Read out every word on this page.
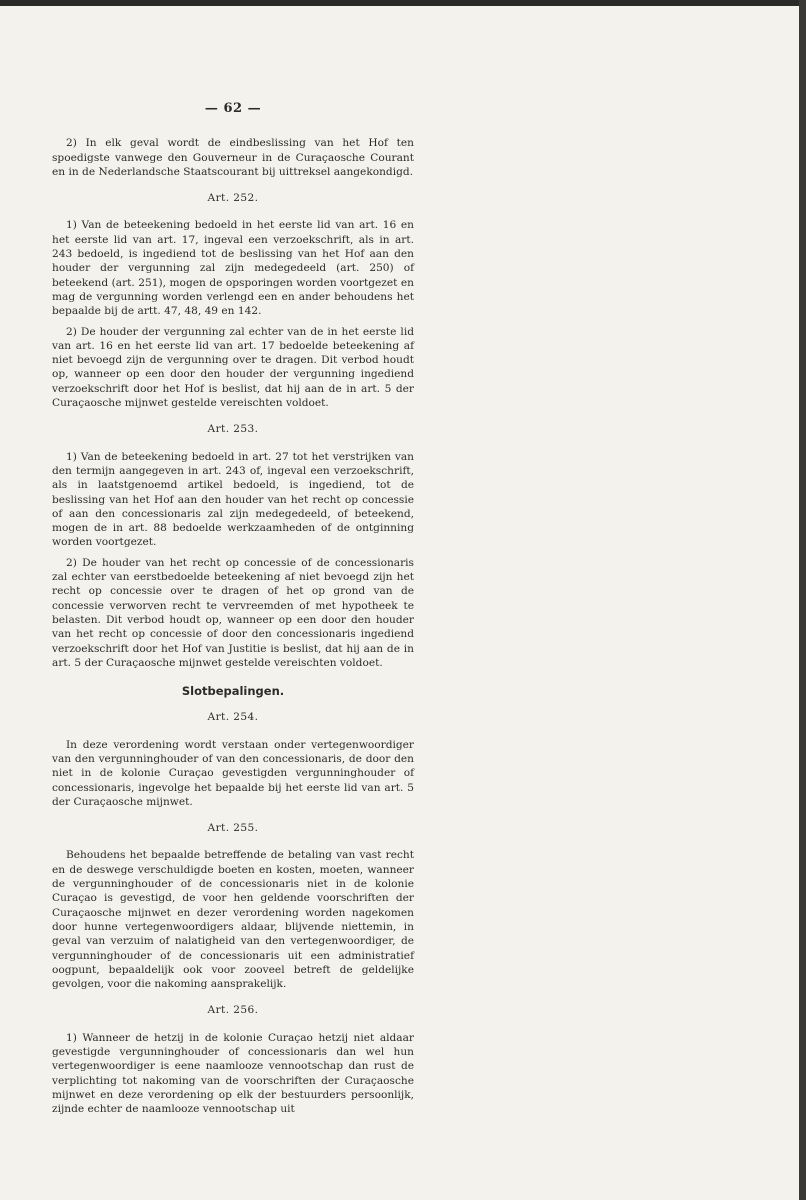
— 62 —

2) In elk geval wordt de eindbeslissing van het Hof ten spoedigste vanwege den Gouverneur in de Curaçaosche Courant en in de Nederlandsche Staatscourant bij uittreksel aangekondigd.

Art. 252.

1) Van de beteekening bedoeld in het eerste lid van art. 16 en het eerste lid van art. 17, ingeval een verzoekschrift, als in art. 243 bedoeld, is ingediend tot de beslissing van het Hof aan den houder der vergunning zal zijn medegedeeld (art. 250) of beteekend (art. 251), mogen de opsporingen worden voortgezet en mag de vergunning worden verlengd een en ander behoudens het bepaalde bij de artt. 47, 48, 49 en 142.

2) De houder der vergunning zal echter van de in het eerste lid van art. 16 en het eerste lid van art. 17 bedoelde beteekening af niet bevoegd zijn de vergunning over te dragen. Dit verbod houdt op, wanneer op een door den houder der vergunning ingediend verzoekschrift door het Hof is beslist, dat hij aan de in art. 5 der Curaçaosche mijnwet gestelde vereischten voldoet.

Art. 253.

1) Van de beteekening bedoeld in art. 27 tot het verstrijken van den termijn aangegeven in art. 243 of, ingeval een verzoekschrift, als in laatstgenoemd artikel bedoeld, is ingediend, tot de beslissing van het Hof aan den houder van het recht op concessie of aan den concessionaris zal zijn medegedeeld, of beteekend, mogen de in art. 88 bedoelde werkzaamheden of de ontginning worden voortgezet.

2) De houder van het recht op concessie of de concessionaris zal echter van eerstbedoelde beteekening af niet bevoegd zijn het recht op concessie over te dragen of het op grond van de concessie verworven recht te vervreemden of met hypotheek te belasten. Dit verbod houdt op, wanneer op een door den houder van het recht op concessie of door den concessionaris ingediend verzoekschrift door het Hof van Justitie is beslist, dat hij aan de in art. 5 der Curaçaosche mijnwet gestelde vereischten voldoet.

Slotbepalingen.
Art. 254.

In deze verordening wordt verstaan onder vertegenwoordiger van den vergunninghouder of van den concessionaris, de door den niet in de kolonie Curaçao gevestigden vergunninghouder of concessionaris, ingevolge het bepaalde bij het eerste lid van art. 5 der Curaçaosche mijnwet.

Art. 255.

Behoudens het bepaalde betreffende de betaling van vast recht en de deswege verschuldigde boeten en kosten, moeten, wanneer de vergunninghouder of de concessionaris niet in de kolonie Curaçao is gevestigd, de voor hen geldende voorschriften der Curaçaosche mijnwet en dezer verordening worden nagekomen door hunne vertegenwoordigers aldaar, blijvende niettemin, in geval van verzuim of nalatigheid van den vertegenwoordiger, de vergunninghouder of de concessionaris uit een administratief oogpunt, bepaaldelijk ook voor zooveel betreft de geldelijke gevolgen, voor die nakoming aansprakelijk.

Art. 256.

1) Wanneer de hetzij in de kolonie Curaçao hetzij niet aldaar gevestigde vergunninghouder of concessionaris dan wel hun vertegenwoordiger is eene naamlooze vennootschap dan rust de verplichting tot nakoming van de voorschriften der Curaçaosche mijnwet en deze verordening op elk der bestuurders persoonlijk, zijnde echter de naamlooze vennootschap uit
